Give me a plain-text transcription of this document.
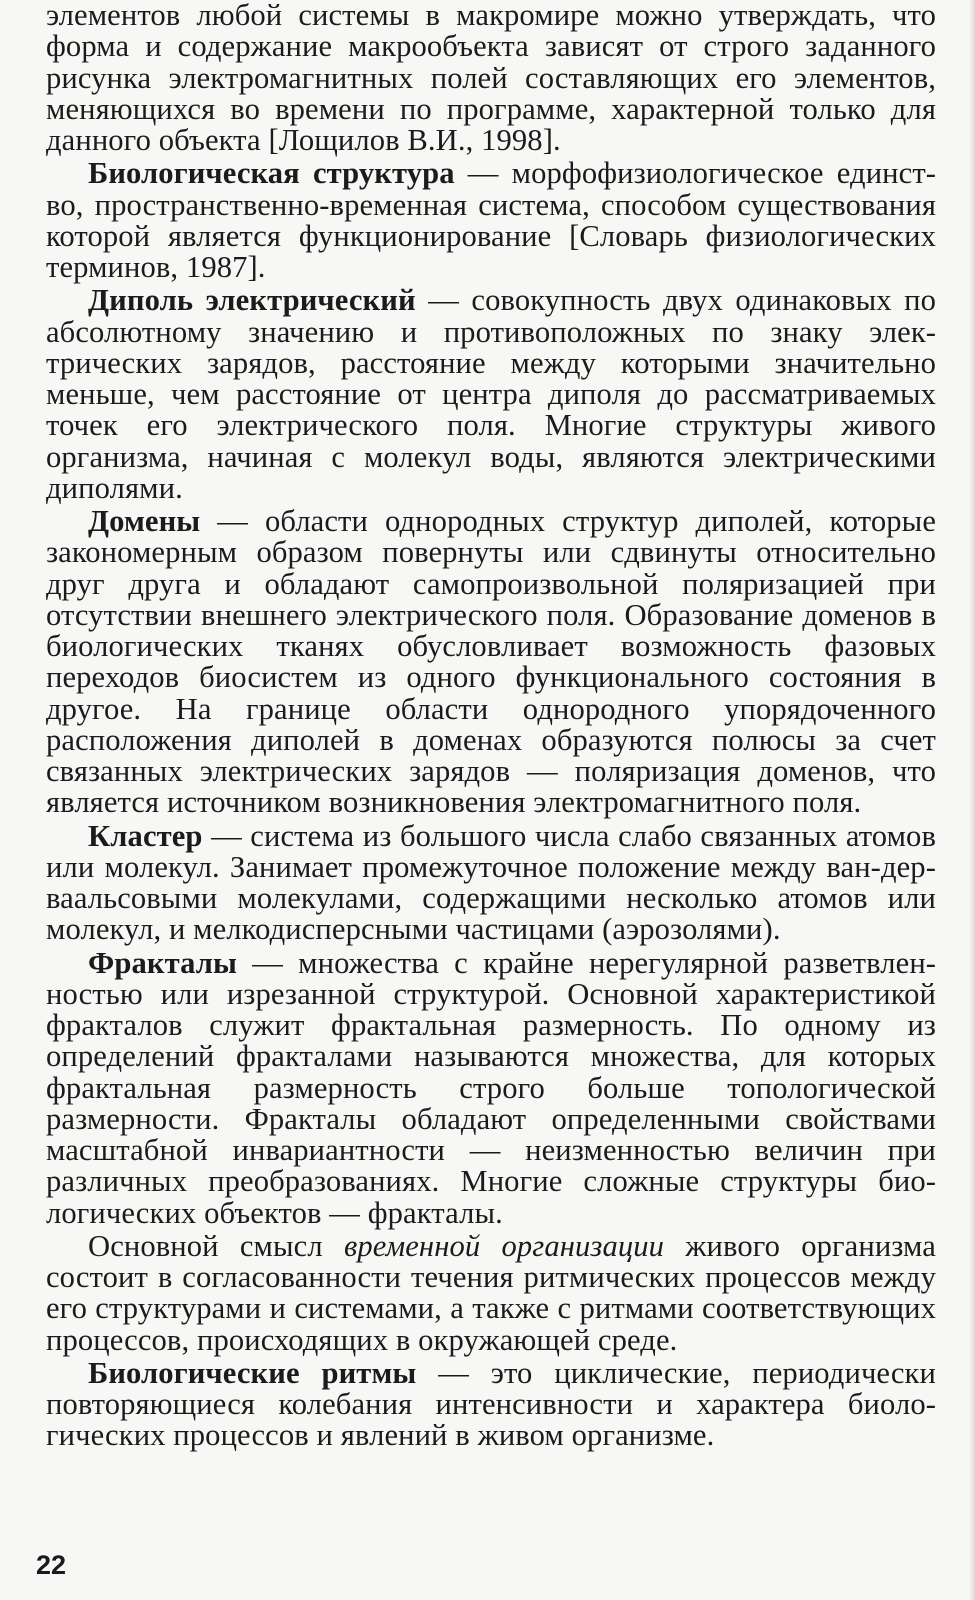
элементов любой системы в макромире можно утверждать, что форма и содержание макрообъекта зависят от строго заданного рисунка электромагнитных полей составляющих его элементов, меняющихся во времени по программе, характерной только для данного объекта [Лощилов В.И., 1998].

Биологическая структура — морфофизиологическое единство, пространственно-временная система, способом существования которой является функционирование [Словарь физиологических терминов, 1987].

Диполь электрический — совокупность двух одинаковых по абсолютному значению и противоположных по знаку электрических зарядов, расстояние между которыми значительно меньше, чем расстояние от центра диполя до рассматриваемых точек его электрического поля. Многие структуры живого организма, начиная с молекул воды, являются электрическими диполями.

Домены — области однородных структур диполей, которые закономерным образом повернуты или сдвинуты относительно друг друга и обладают самопроизвольной поляризацией при отсутствии внешнего электрического поля. Образование доменов в биологических тканях обусловливает возможность фазовых переходов биосистем из одного функционального состояния в другое. На границе области однородного упорядоченного расположения диполей в доменах образуются полюсы за счет связанных электрических зарядов — поляризация доменов, что является источником возникновения электромагнитного поля.

Кластер — система из большого числа слабо связанных атомов или молекул. Занимает промежуточное положение между ван-дер-ваальсовыми молекулами, содержащими несколько атомов или молекул, и мелкодисперсными частицами (аэрозолями).

Фракталы — множества с крайне нерегулярной разветвленностью или изрезанной структурой. Основной характеристикой фракталов служит фрактальная размерность. По одному из определений фракталами называются множества, для которых фрактальная размерность строго больше топологической размерности. Фракталы обладают определенными свойствами масштабной инвариантности — неизменностью величин при различных преобразованиях. Многие сложные структуры биологических объектов — фракталы.

Основной смысл временной организации живого организма состоит в согласованности течения ритмических процессов между его структурами и системами, а также с ритмами соответствующих процессов, происходящих в окружающей среде.

Биологические ритмы — это циклические, периодически повторяющиеся колебания интенсивности и характера биологических процессов и явлений в живом организме.

22
